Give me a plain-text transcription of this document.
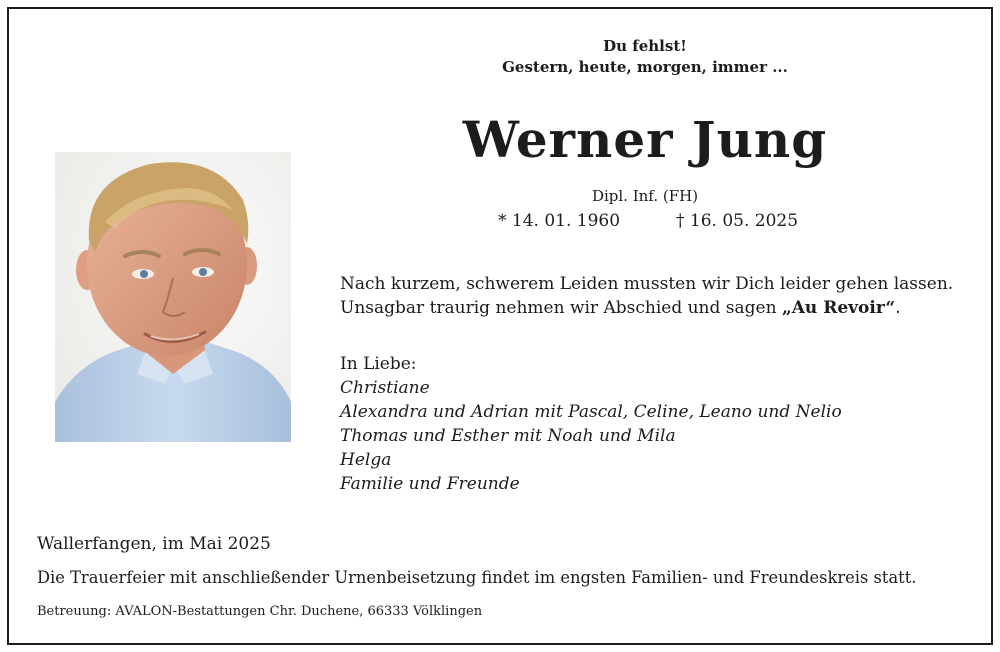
Du fehlst!
Gestern, heute, morgen, immer ...
Werner Jung
Dipl. Inf. (FH)
* 14. 01. 1960	† 16. 05. 2025
Nach kurzem, schwerem Leiden mussten wir Dich leider gehen lassen.
Unsagbar traurig nehmen wir Abschied und sagen „Au Revoir“.
In Liebe:
Christiane
Alexandra und Adrian mit Pascal, Celine, Leano und Nelio
Thomas und Esther mit Noah und Mila
Helga
Familie und Freunde
Wallerfangen, im Mai 2025
Die Trauerfeier mit anschließender Urnenbeisetzung findet im engsten Familien- und Freundeskreis statt.
Betreuung: AVALON-Bestattungen Chr. Duchene, 66333 Völklingen
